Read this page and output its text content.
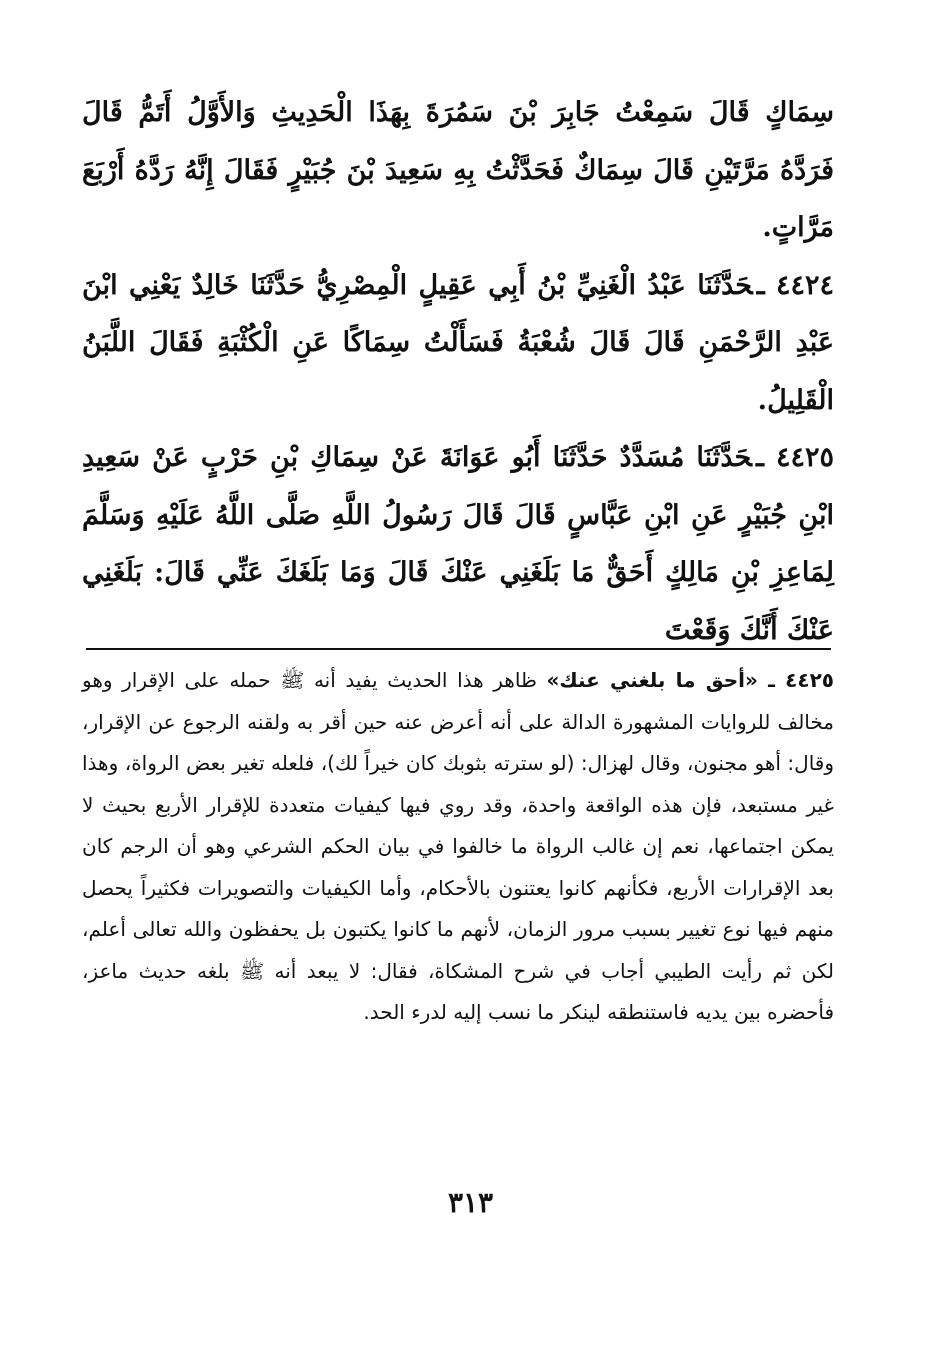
سِمَاكٍ قَالَ سَمِعْتُ جَابِرَ بْنَ سَمُرَةَ بِهَذَا الْحَدِيثِ وَالأَوَّلُ أَتَمُّ قَالَ فَرَدَّهُ مَرَّتَيْنِ قَالَ سِمَاكٌ فَحَدَّثْتُ بِهِ سَعِيدَ بْنَ جُبَيْرٍ فَقَالَ إِنَّهُ رَدَّهُ أَرْبَعَ مَرَّاتٍ.

٤٤٢٤ ـحَدَّثَنَا عَبْدُ الْغَنِيِّ بْنُ أَبِي عَقِيلٍ الْمِصْرِيُّ حَدَّثَنَا خَالِدٌ يَعْنِي ابْنَ عَبْدِ الرَّحْمَنِ قَالَ قَالَ شُعْبَةُ فَسَأَلْتُ سِمَاكًا عَنِ الْكُثْبَةِ فَقَالَ اللَّبَنُ الْقَلِيلُ.

٤٤٢٥ ـحَدَّثَنَا مُسَدَّدٌ حَدَّثَنَا أَبُو عَوَانَةَ عَنْ سِمَاكِ بْنِ حَرْبٍ عَنْ سَعِيدِ ابْنِ جُبَيْرٍ عَنِ ابْنِ عَبَّاسٍ قَالَ قَالَ رَسُولُ اللَّهِ صَلَّى اللَّهُ عَلَيْهِ وَسَلَّمَ لِمَاعِزِ بْنِ مَالِكٍ أَحَقٌّ مَا بَلَغَنِي عَنْكَ قَالَ وَمَا بَلَغَكَ عَنِّي قَالَ: بَلَغَنِي عَنْكَ أَنَّكَ وَقَعْتَ

٤٤٢٥ ـ «أحق ما بلغني عنك» ظاهر هذا الحديث يفيد أنه ﷺ حمله على الإقرار وهو مخالف للروايات المشهورة الدالة على أنه أعرض عنه حين أقر به ولقنه الرجوع عن الإقرار، وقال: أهو مجنون، وقال لهزال: (لو سترته بثوبك كان خيراً لك)، فلعله تغير بعض الرواة، وهذا غير مستبعد، فإن هذه الواقعة واحدة، وقد روي فيها كيفيات متعددة للإقرار الأربع بحيث لا يمكن اجتماعها، نعم إن غالب الرواة ما خالفوا في بيان الحكم الشرعي وهو أن الرجم كان بعد الإقرارات الأربع، فكأنهم كانوا يعتنون بالأحكام، وأما الكيفيات والتصويرات فكثيراً يحصل منهم فيها نوع تغيير بسبب مرور الزمان، لأنهم ما كانوا يكتبون بل يحفظون والله تعالى أعلم، لكن ثم رأيت الطيبي أجاب في شرح المشكاة، فقال: لا يبعد أنه ﷺ بلغه حديث ماعز، فأحضره بين يديه فاستنطقه لينكر ما نسب إليه لدرء الحد.
٣١٣
